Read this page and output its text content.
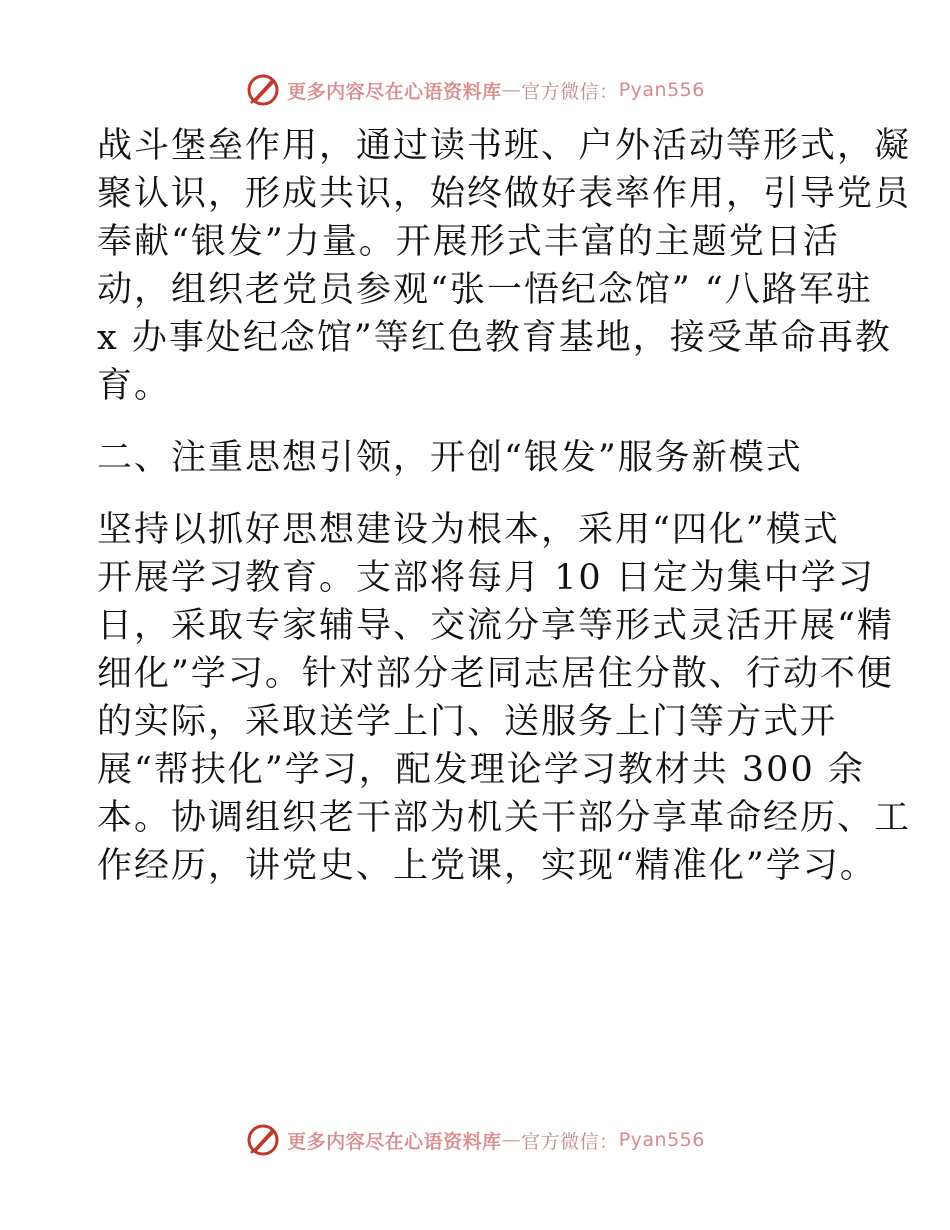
更多内容尽在心语资料库 — 官方微信： Pyan556
战斗堡垒作用，通过读书班、户外活动等形式，凝
聚认识，形成共识，始终做好表率作用，引导党员
奉献“银发”力量。开展形式丰富的主题党日活
动，组织老党员参观“张一悟纪念馆” “八路军驻
x 办事处纪念馆”等红色教育基地，接受革命再教
育。
二、注重思想引领，开创“银发”服务新模式
坚持以抓好思想建设为根本，采用“四化”模式
开展学习教育。支部将每月 10 日定为集中学习
日，采取专家辅导、交流分享等形式灵活开展“精
细化”学习。针对部分老同志居住分散、行动不便
的实际，采取送学上门、送服务上门等方式开
展“帮扶化”学习，配发理论学习教材共 300 余
本。协调组织老干部为机关干部分享革命经历、工
作经历，讲党史、上党课，实现“精准化”学习。
更多内容尽在心语资料库 — 官方微信： Pyan556
